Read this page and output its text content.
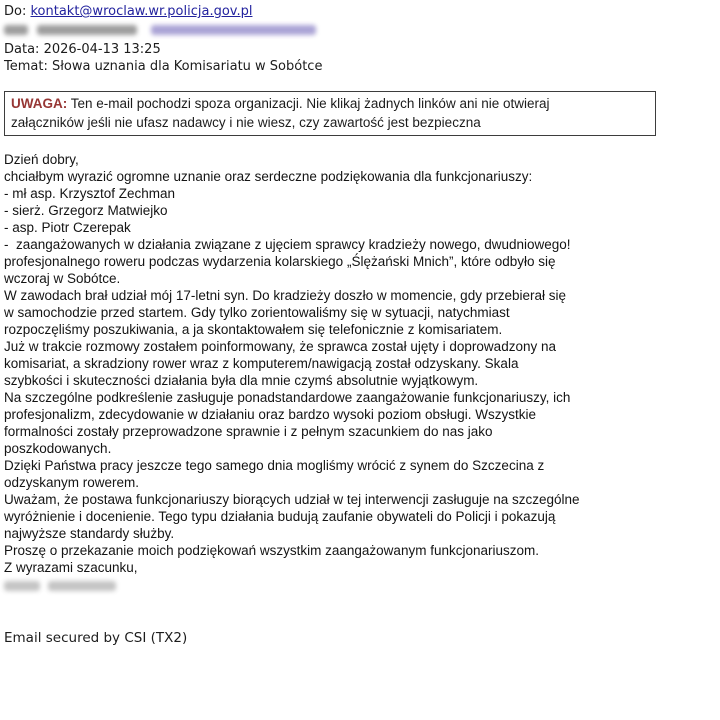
Do: kontakt@wroclaw.wr.policja.gov.pl
Data: 2026-04-13 13:25
Temat: Słowa uznania dla Komisariatu w Sobótce
UWAGA: Ten e-mail pochodzi spoza organizacji. Nie klikaj żadnych linków ani nie otwieraj
załączników jeśli nie ufasz nadawcy i nie wiesz, czy zawartość jest bezpieczna
Dzień dobry,
chciałbym wyrazić ogromne uznanie oraz serdeczne podziękowania dla funkcjonariuszy:
- mł asp. Krzysztof Zechman
- sierż. Grzegorz Matwiejko
- asp. Piotr Czerepak
-  zaangażowanych w działania związane z ujęciem sprawcy kradzieży nowego, dwudniowego!
profesjonalnego roweru podczas wydarzenia kolarskiego „Ślężański Mnich”, które odbyło się
wczoraj w Sobótce.
W zawodach brał udział mój 17-letni syn. Do kradzieży doszło w momencie, gdy przebierał się
w samochodzie przed startem. Gdy tylko zorientowaliśmy się w sytuacji, natychmiast
rozpoczęliśmy poszukiwania, a ja skontaktowałem się telefonicznie z komisariatem.
Już w trakcie rozmowy zostałem poinformowany, że sprawca został ujęty i doprowadzony na
komisariat, a skradziony rower wraz z komputerem/nawigacją został odzyskany. Skala
szybkości i skuteczności działania była dla mnie czymś absolutnie wyjątkowym.
Na szczególne podkreślenie zasługuje ponadstandardowe zaangażowanie funkcjonariuszy, ich
profesjonalizm, zdecydowanie w działaniu oraz bardzo wysoki poziom obsługi. Wszystkie
formalności zostały przeprowadzone sprawnie i z pełnym szacunkiem do nas jako
poszkodowanych.
Dzięki Państwa pracy jeszcze tego samego dnia mogliśmy wrócić z synem do Szczecina z
odzyskanym rowerem.
Uważam, że postawa funkcjonariuszy biorących udział w tej interwencji zasługuje na szczególne
wyróżnienie i docenienie. Tego typu działania budują zaufanie obywateli do Policji i pokazują
najwyższe standardy służby.
Proszę o przekazanie moich podziękowań wszystkim zaangażowanym funkcjonariuszom.
Z wyrazami szacunku,
Email secured by CSI (TX2)
